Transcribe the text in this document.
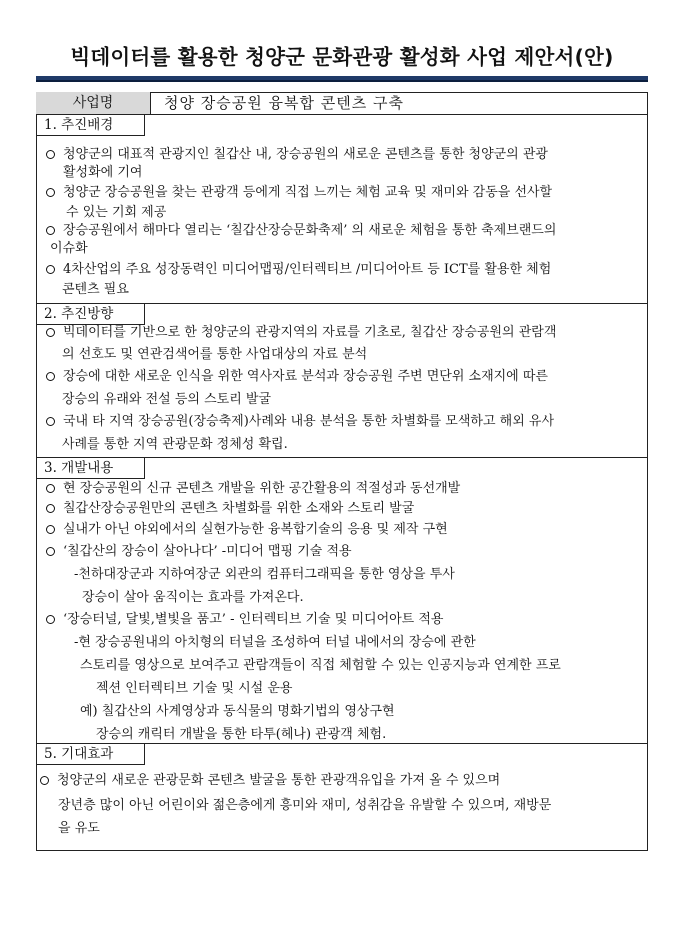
빅데이터를 활용한 청양군 문화관광 활성화 사업 제안서(안)
사업명	청양 장승공원 융복합 콘텐츠 구축
1. 추진배경
청양군의 대표적 관광지인 칠갑산 내, 장승공원의 새로운 콘텐츠를 통한 청양군의 관광
활성화에 기여
청양군 장승공원을 찾는 관광객 등에게 직접 느끼는 체험 교육 및 재미와 감동을 선사할
수 있는 기회 제공
장승공원에서 해마다 열리는 ‘칠갑산장승문화축제’ 의 새로운 체험을 통한 축제브랜드의
이슈화
4차산업의 주요 성장동력인 미디어맵핑/인터렉티브 /미디어아트 등 ICT를 활용한 체험
콘텐츠 필요
2. 추진방향
빅데이터를 기반으로 한 청양군의 관광지역의 자료를 기초로, 칠갑산 장승공원의 관람객
의 선호도 및 연관검색어를 통한 사업대상의 자료 분석
장승에 대한 새로운 인식을 위한 역사자료 분석과 장승공원 주변 면단위 소재지에 따른
장승의 유래와 전설 등의 스토리 발굴
국내 타 지역 장승공원(장승축제)사례와 내용 분석을 통한 차별화를 모색하고 해외 유사
사례를 통한 지역 관광문화 정체성 확립.
3. 개발내용
현 장승공원의 신규 콘텐츠 개발을 위한 공간활용의 적절성과 동선개발
칠갑산장승공원만의 콘텐츠 차별화를 위한 소재와 스토리 발굴
실내가 아닌 야외에서의 실현가능한 융복합기술의 응용 및 제작 구현
‘칠갑산의 장승이 살아나다’ -미디어 맵핑 기술 적용
-천하대장군과 지하여장군 외관의 컴퓨터그래픽을 통한 영상을 투사
장승이 살아 움직이는 효과를 가져온다.
‘장승터널, 달빛,별빛을 품고’ - 인터렉티브 기술 및 미디어아트 적용
-현 장승공원내의 아치형의 터널을 조성하여 터널 내에서의 장승에 관한
스토리를 영상으로 보여주고 관람객들이 직접 체험할 수 있는 인공지능과 연계한 프로
젝션 인터렉티브 기술 및 시설 운용
예) 칠갑산의 사계영상과 동식물의 명화기법의 영상구현
장승의 캐릭터 개발을 통한 타투(헤나) 관광객 체험.
5. 기대효과
청양군의 새로운 관광문화 콘텐츠 발굴을 통한 관광객유입을 가져 올 수 있으며
장년층 많이 아닌 어린이와 젊은층에게 흥미와 재미, 성취감을 유발할 수 있으며, 재방문
을 유도
